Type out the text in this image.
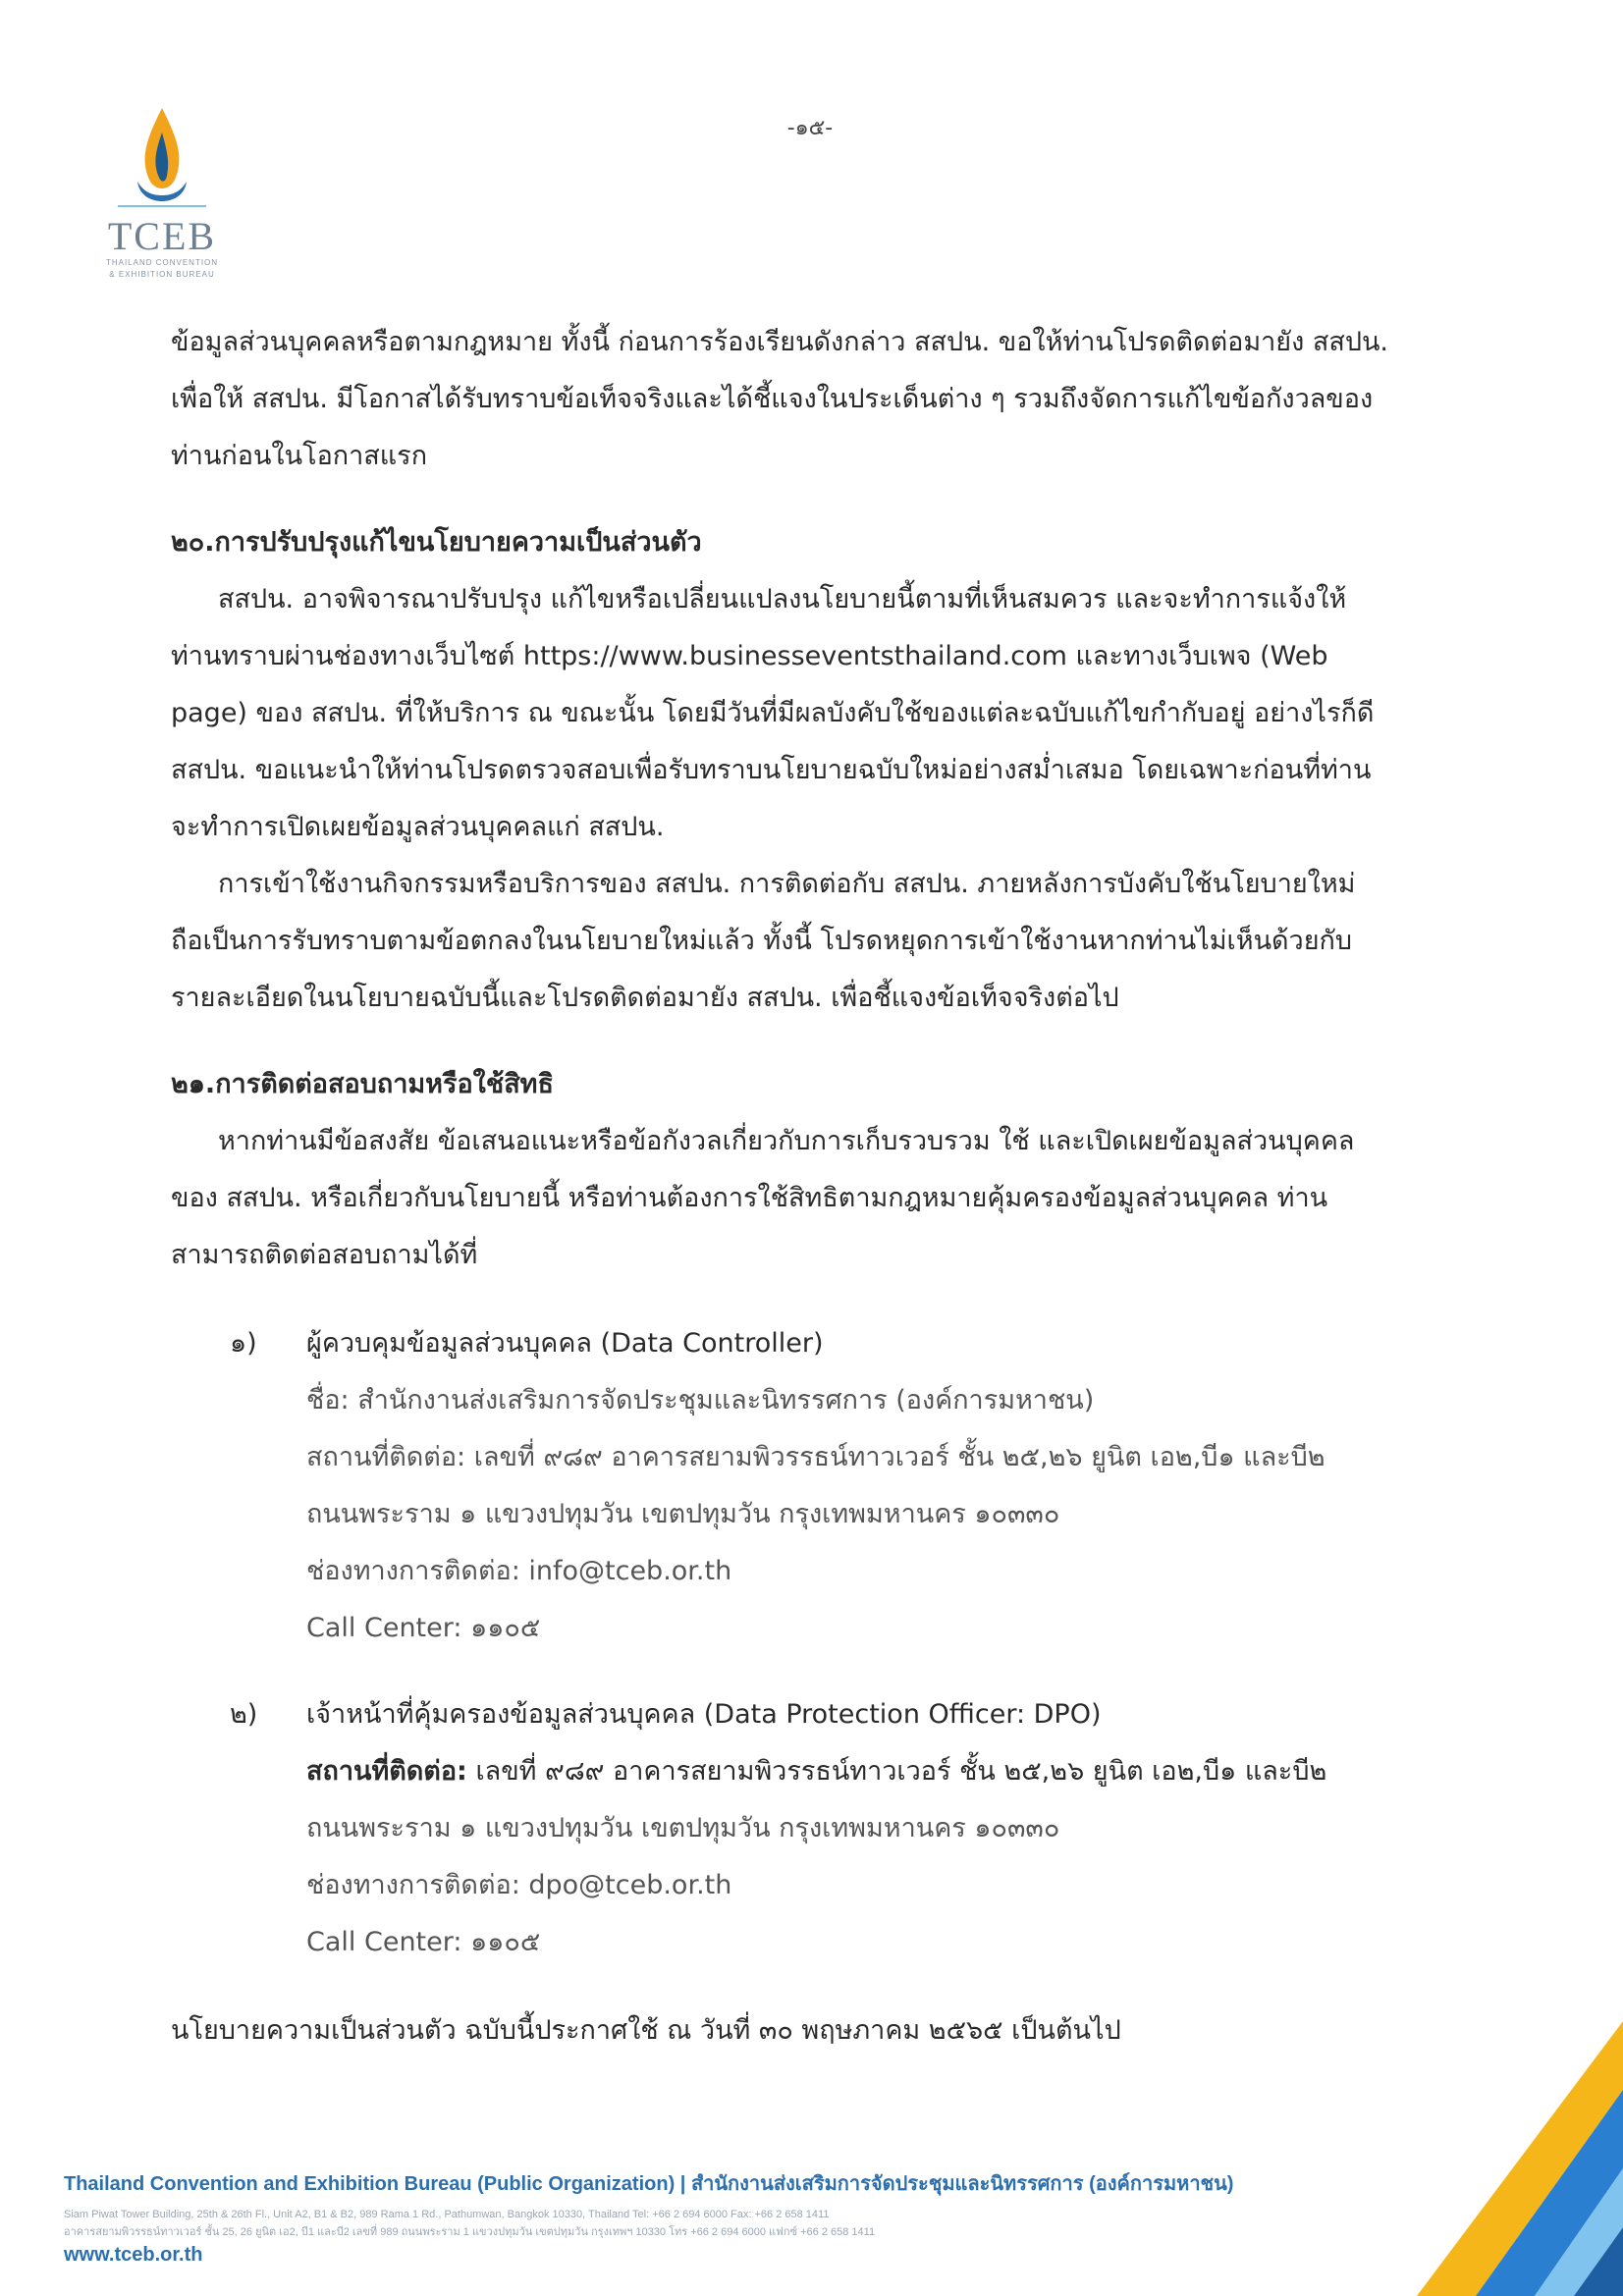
TCEB
THAILAND CONVENTION
& EXHIBITION BUREAU
-๑๕-
ข้อมูลส่วนบุคคลหรือตามกฎหมาย ทั้งนี้ ก่อนการร้องเรียนดังกล่าว สสปน. ขอให้ท่านโปรดติดต่อมายัง สสปน.
เพื่อให้ สสปน. มีโอกาสได้รับทราบข้อเท็จจริงและได้ชี้แจงในประเด็นต่าง ๆ รวมถึงจัดการแก้ไขข้อกังวลของ
ท่านก่อนในโอกาสแรก
๒๐.การปรับปรุงแก้ไขนโยบายความเป็นส่วนตัว
สสปน. อาจพิจารณาปรับปรุง แก้ไขหรือเปลี่ยนแปลงนโยบายนี้ตามที่เห็นสมควร และจะทำการแจ้งให้
ท่านทราบผ่านช่องทางเว็บไซต์ https://www.businesseventsthailand.com และทางเว็บเพจ (Web
page) ของ สสปน. ที่ให้บริการ ณ ขณะนั้น โดยมีวันที่มีผลบังคับใช้ของแต่ละฉบับแก้ไขกำกับอยู่ อย่างไรก็ดี
สสปน. ขอแนะนำให้ท่านโปรดตรวจสอบเพื่อรับทราบนโยบายฉบับใหม่อย่างสม่ำเสมอ โดยเฉพาะก่อนที่ท่าน
จะทำการเปิดเผยข้อมูลส่วนบุคคลแก่ สสปน.
การเข้าใช้งานกิจกรรมหรือบริการของ สสปน. การติดต่อกับ สสปน. ภายหลังการบังคับใช้นโยบายใหม่
ถือเป็นการรับทราบตามข้อตกลงในนโยบายใหม่แล้ว ทั้งนี้ โปรดหยุดการเข้าใช้งานหากท่านไม่เห็นด้วยกับ
รายละเอียดในนโยบายฉบับนี้และโปรดติดต่อมายัง สสปน. เพื่อชี้แจงข้อเท็จจริงต่อไป
๒๑.การติดต่อสอบถามหรือใช้สิทธิ
หากท่านมีข้อสงสัย ข้อเสนอแนะหรือข้อกังวลเกี่ยวกับการเก็บรวบรวม ใช้ และเปิดเผยข้อมูลส่วนบุคคล
ของ สสปน. หรือเกี่ยวกับนโยบายนี้ หรือท่านต้องการใช้สิทธิตามกฎหมายคุ้มครองข้อมูลส่วนบุคคล ท่าน
สามารถติดต่อสอบถามได้ที่
๑) ผู้ควบคุมข้อมูลส่วนบุคคล (Data Controller)
ชื่อ: สำนักงานส่งเสริมการจัดประชุมและนิทรรศการ (องค์การมหาชน)
สถานที่ติดต่อ: เลขที่ ๙๘๙ อาคารสยามพิวรรธน์ทาวเวอร์ ชั้น ๒๕,๒๖ ยูนิต เอ๒,บี๑ และบี๒
ถนนพระราม ๑ แขวงปทุมวัน เขตปทุมวัน กรุงเทพมหานคร ๑๐๓๓๐
ช่องทางการติดต่อ: info@tceb.or.th
Call Center: ๑๑๐๕
๒) เจ้าหน้าที่คุ้มครองข้อมูลส่วนบุคคล (Data Protection Officer: DPO)
สถานที่ติดต่อ: เลขที่ ๙๘๙ อาคารสยามพิวรรธน์ทาวเวอร์ ชั้น ๒๕,๒๖ ยูนิต เอ๒,บี๑ และบี๒
ถนนพระราม ๑ แขวงปทุมวัน เขตปทุมวัน กรุงเทพมหานคร ๑๐๓๓๐
ช่องทางการติดต่อ: dpo@tceb.or.th
Call Center: ๑๑๐๕
นโยบายความเป็นส่วนตัว ฉบับนี้ประกาศใช้ ณ วันที่ ๓๐ พฤษภาคม ๒๕๖๕ เป็นต้นไป
Thailand Convention and Exhibition Bureau (Public Organization) | สำนักงานส่งเสริมการจัดประชุมและนิทรรศการ (องค์การมหาชน)
Siam Piwat Tower Building, 25th & 26th Fl., Unit A2, B1 & B2, 989 Rama 1 Rd., Pathumwan, Bangkok 10330, Thailand Tel: +66 2 694 6000 Fax: +66 2 658 1411
อาคารสยามพิวรรธน์ทาวเวอร์ ชั้น 25, 26 ยูนิต เอ2, บี1 และบี2 เลขที่ 989 ถนนพระราม 1 แขวงปทุมวัน เขตปทุมวัน กรุงเทพฯ 10330 โทร +66 2 694 6000 แฟกซ์ +66 2 658 1411
www.tceb.or.th
